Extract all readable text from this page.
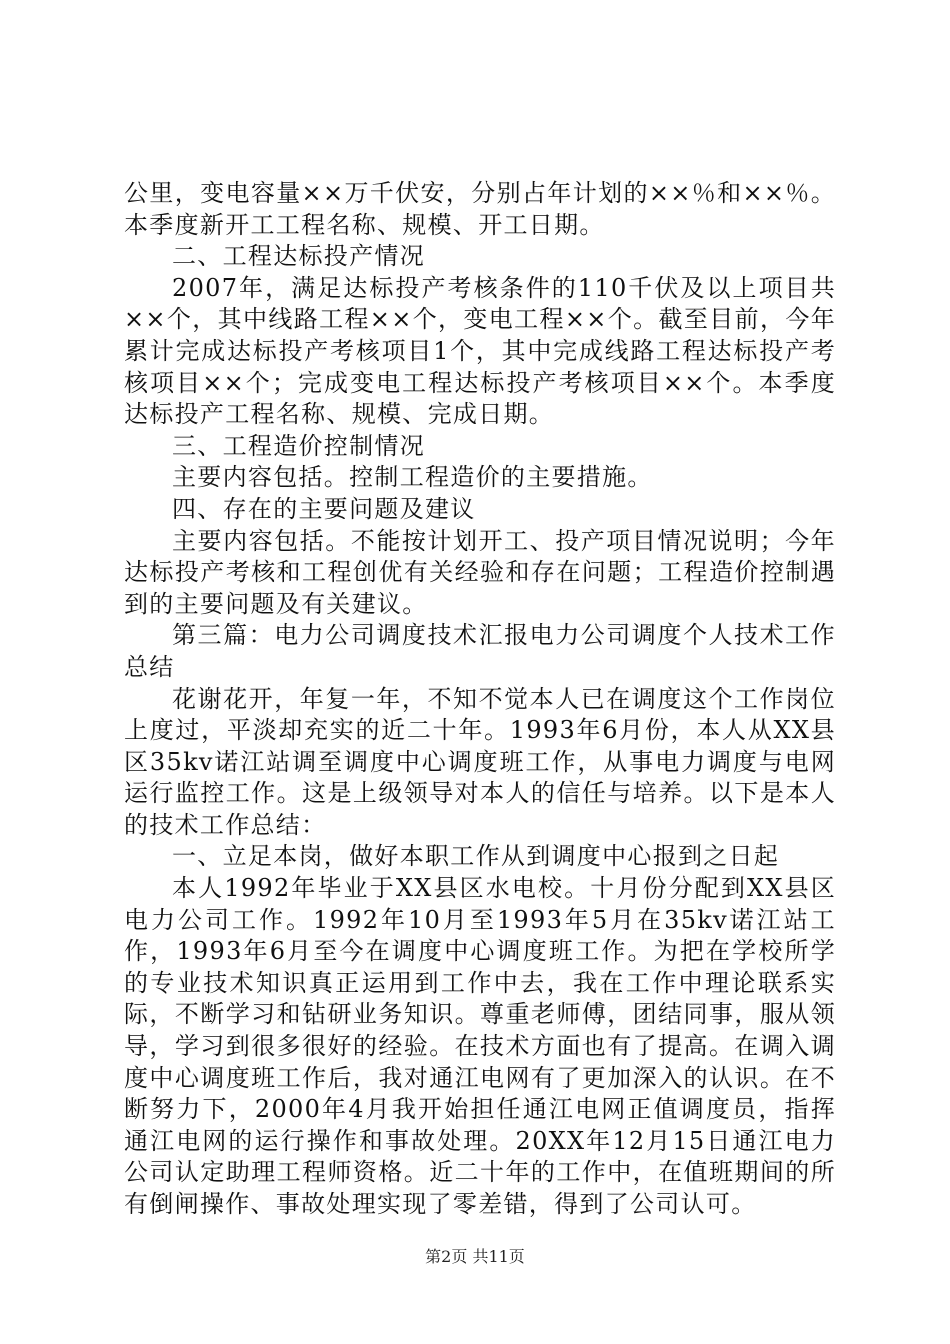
公里，变电容量××万千伏安，分别占年计划的××％和××％。本季度新开工工程名称、规模、开工日期。

二、工程达标投产情况

2007年，满足达标投产考核条件的110千伏及以上项目共××个，其中线路工程××个，变电工程××个。截至目前，今年累计完成达标投产考核项目1个，其中完成线路工程达标投产考核项目××个；完成变电工程达标投产考核项目××个。本季度达标投产工程名称、规模、完成日期。

三、工程造价控制情况

主要内容包括。控制工程造价的主要措施。

四、存在的主要问题及建议

主要内容包括。不能按计划开工、投产项目情况说明；今年达标投产考核和工程创优有关经验和存在问题；工程造价控制遇到的主要问题及有关建议。

第三篇：电力公司调度技术汇报电力公司调度个人技术工作总结

花谢花开，年复一年，不知不觉本人已在调度这个工作岗位上度过，平淡却充实的近二十年。1993年6月份，本人从XX县区35kv诺江站调至调度中心调度班工作，从事电力调度与电网运行监控工作。这是上级领导对本人的信任与培养。以下是本人的技术工作总结：

一、立足本岗，做好本职工作从到调度中心报到之日起

本人1992年毕业于XX县区水电校。十月份分配到XX县区电力公司工作。1992年10月至1993年5月在35kv诺江站工作，1993年6月至今在调度中心调度班工作。为把在学校所学的专业技术知识真正运用到工作中去，我在工作中理论联系实际，不断学习和钻研业务知识。尊重老师傅，团结同事，服从领导，学习到很多很好的经验。在技术方面也有了提高。在调入调度中心调度班工作后，我对通江电网有了更加深入的认识。在不断努力下，2000年4月我开始担任通江电网正值调度员，指挥通江电网的运行操作和事故处理。20XX年12月15日通江电力公司认定助理工程师资格。近二十年的工作中，在值班期间的所有倒闸操作、事故处理实现了零差错，得到了公司认可。

第2页 共11页
